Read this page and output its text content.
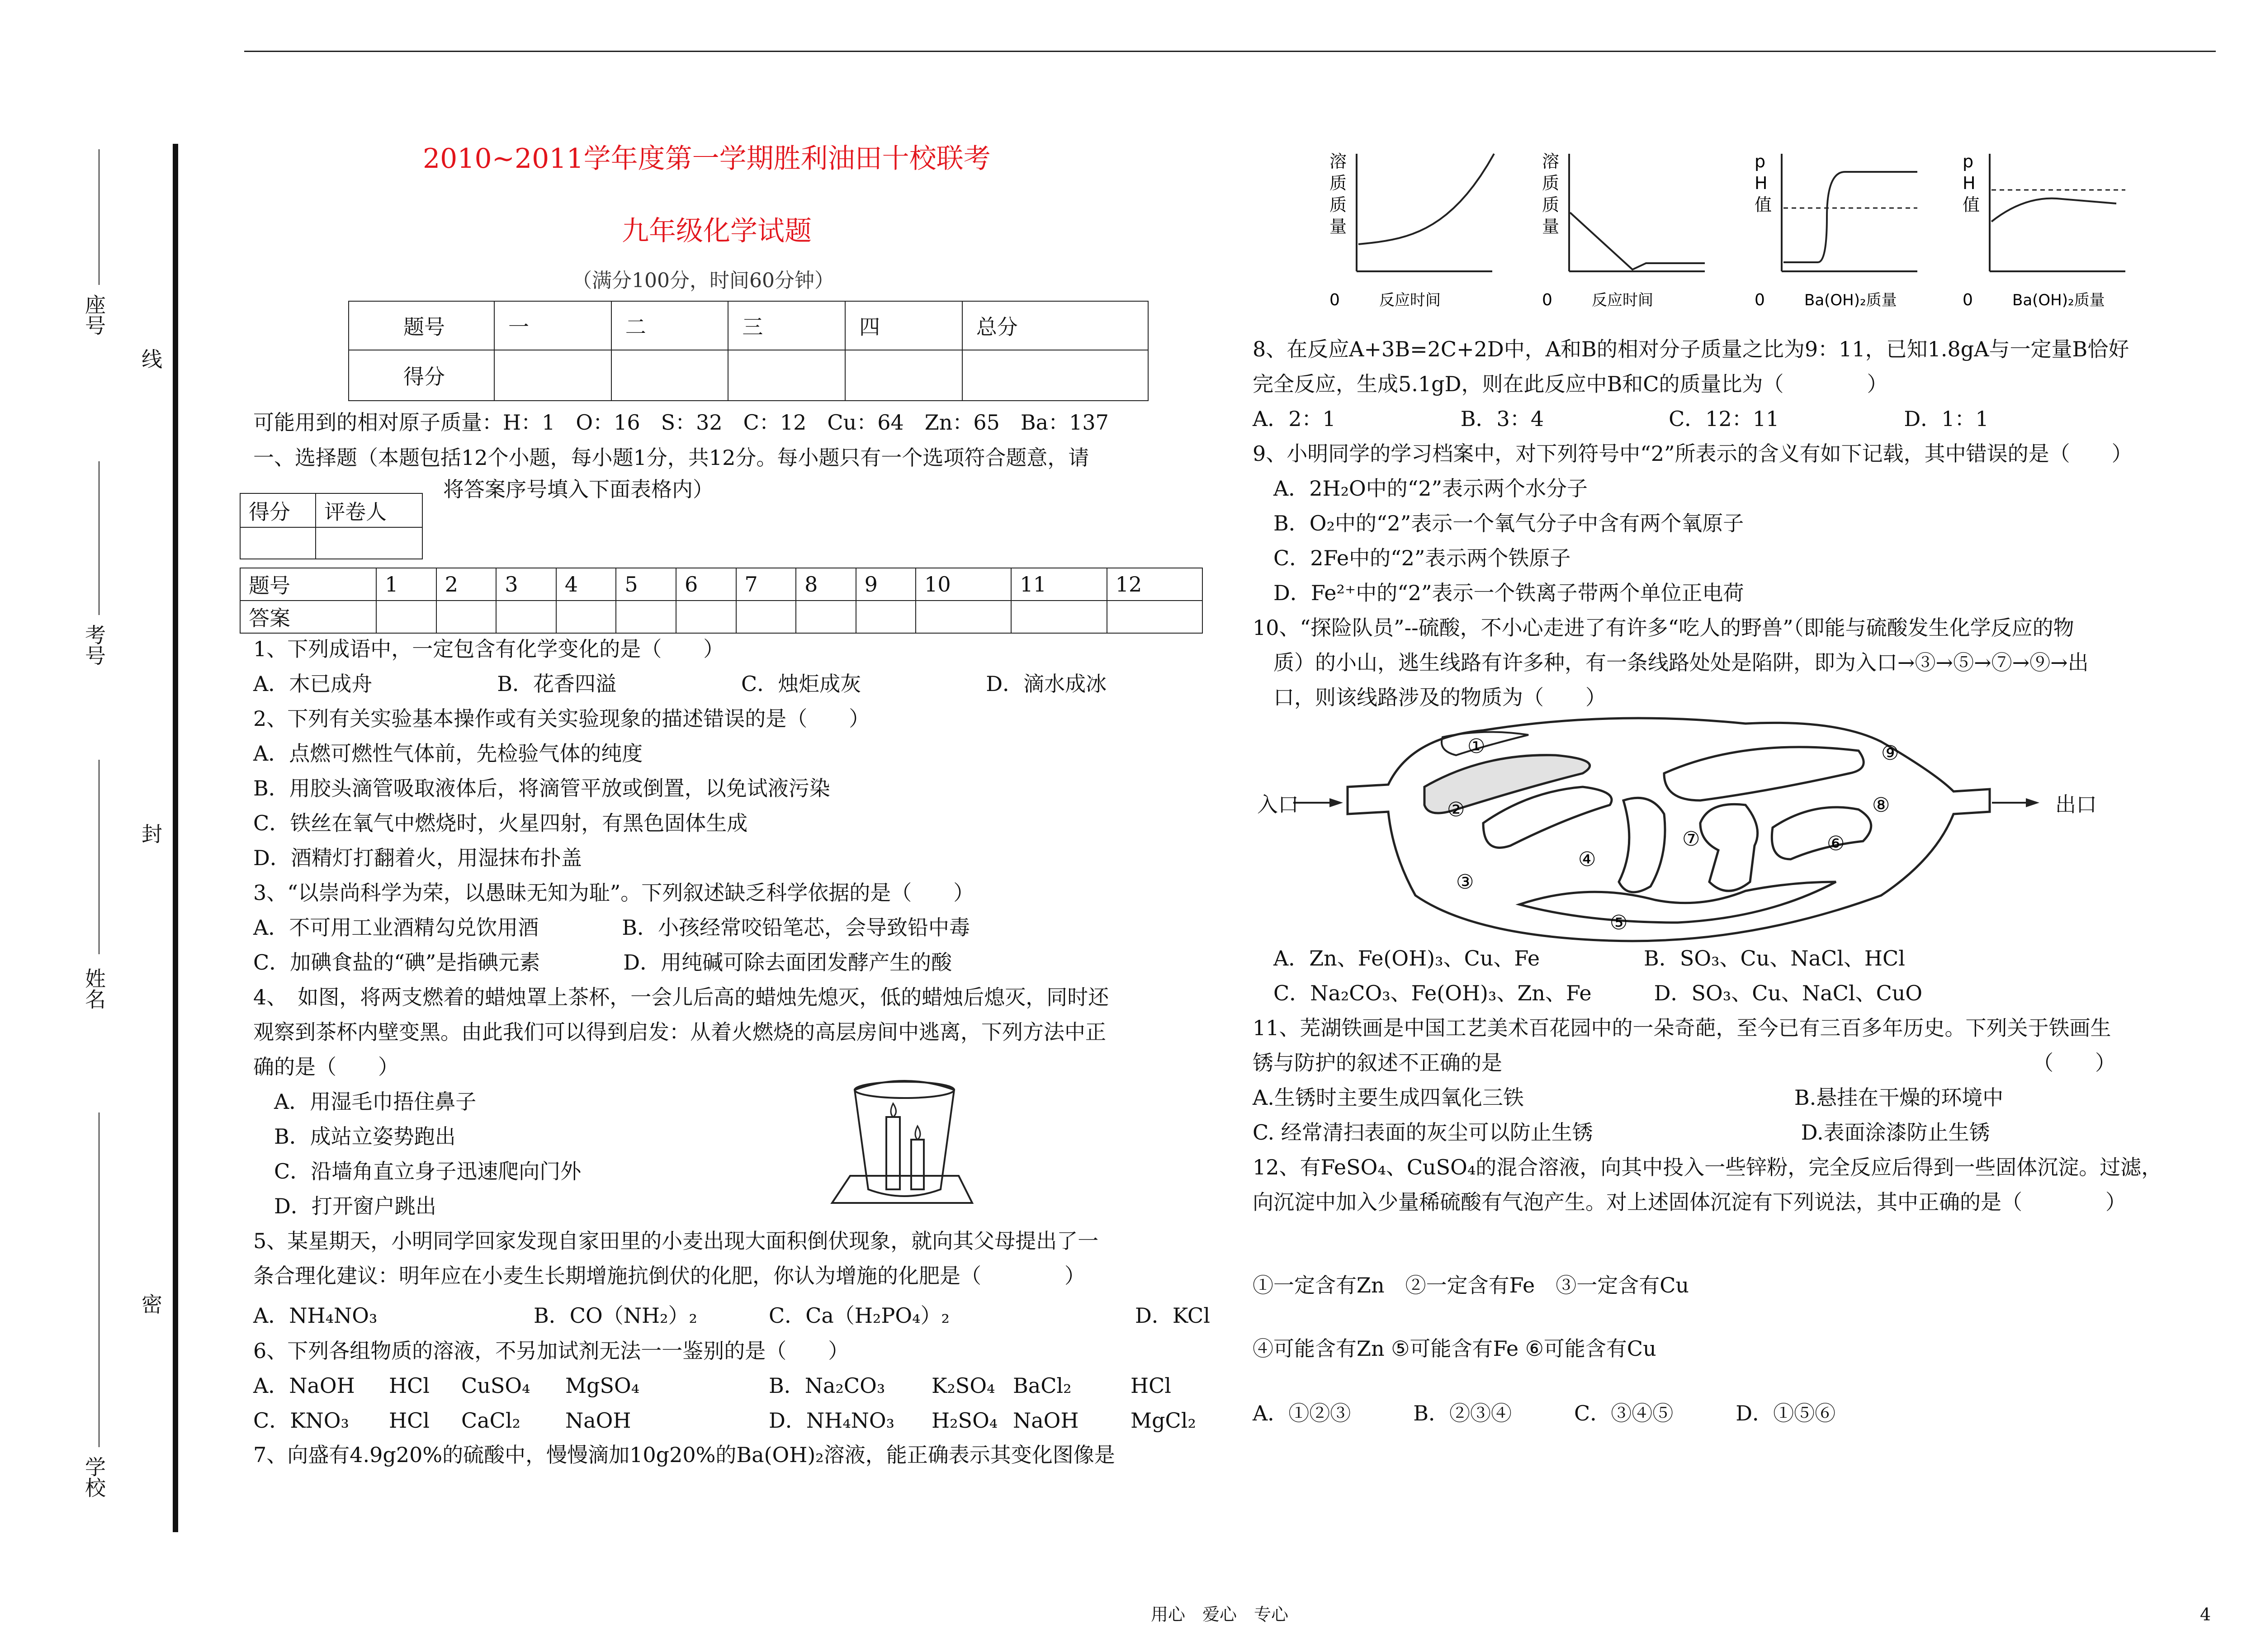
座号
考号
姓名
学校
线
封
密
2010~2011学年度第一学期胜利油田十校联考
九年级化学试题
（满分100分，时间60分钟）
题号	一	二	三	四	总分
得分					
可能用到的相对原子质量：H：1　O：16　S：32　C：12　Cu：64　Zn：65　Ba：137
一、选择题（本题包括12个小题，每小题1分，共12分。每小题只有一个选项符合题意，请
将答案序号填入下面表格内）
得分	评卷人

题号	1	2	3	4	5	6	7	8	9	10	11	12
答案												
1、下列成语中，一定包含有化学变化的是（　　）
A．木已成舟　　　　　　B．花香四溢　　　　　　C．烛炬成灰　　　　　　D．滴水成冰
2、下列有关实验基本操作或有关实验现象的描述错误的是（　　）
A．点燃可燃性气体前，先检验气体的纯度
B．用胶头滴管吸取液体后，将滴管平放或倒置，以免试液污染
C．铁丝在氧气中燃烧时，火星四射，有黑色固体生成
D．酒精灯打翻着火，用湿抹布扑盖
3、“以崇尚科学为荣，以愚昧无知为耻”。下列叙述缺乏科学依据的是（　　）
A．不可用工业酒精勾兑饮用酒　　　　B．小孩经常咬铅笔芯，会导致铅中毒
C．加碘食盐的“碘”是指碘元素　　　　D．用纯碱可除去面团发酵产生的酸
4、　如图，将两支燃着的蜡烛罩上茶杯，一会儿后高的蜡烛先熄灭，低的蜡烛后熄灭，同时还
观察到茶杯内壁变黑。由此我们可以得到启发：从着火燃烧的高层房间中逃离，下列方法中正
确的是（　　）
　A．用湿毛巾捂住鼻子
　B．成站立姿势跑出
　C．沿墙角直立身子迅速爬向门外
　D．打开窗户跳出
5、某星期天，小明同学回家发现自家田里的小麦出现大面积倒伏现象，就向其父母提出了一
条合理化建议：明年应在小麦生长期增施抗倒伏的化肥，你认为增施的化肥是（　　　　）
A．NH₄NO₃	B．CO（NH₂）₂	C．Ca（H₂PO₄）₂	D．KCl
6、下列各组物质的溶液，不另加试剂无法一一鉴别的是（　　）
A．NaOH HCl CuSO₄ MgSO₄	B．Na₂CO₃ K₂SO₄ BaCl₂	HCl
C．KNO₃ HCl CaCl₂ NaOH	D．NH₄NO₃ H₂SO₄ NaOH MgCl₂
7、向盛有4.9g20%的硫酸中，慢慢滴加10g20%的Ba(OH)₂溶液，能正确表示其变化图像是
溶
质
质
量
反应时间
0
溶
质
质
量
反应时间
0
p
H
值
Ba(OH)₂质量
0
p
H
值
Ba(OH)₂质量
0
8、在反应A+3B=2C+2D中，A和B的相对分子质量之比为9：11，已知1.8gA与一定量B恰好
完全反应，生成5.1gD，则在此反应中B和C的质量比为（　　　　）
A．2：1　　　　　　B．3：4　　　　　　C．12：11　　　　　　D．1：1
9、小明同学的学习档案中，对下列符号中“2”所表示的含义有如下记载，其中错误的是（　　）
　A．2H₂O中的“2”表示两个水分子
　B．O₂中的“2”表示一个氧气分子中含有两个氧原子
　C．2Fe中的“2”表示两个铁原子
　D．Fe²⁺中的“2”表示一个铁离子带两个单位正电荷
10、“探险队员”--硫酸，不小心走进了有许多“吃人的野兽”（即能与硫酸发生化学反应的物
　质）的小山，逃生线路有许多种，有一条线路处处是陷阱，即为入口→③→⑤→⑦→⑨→出
　口，则该线路涉及的物质为（　　）
①
②
③
④
⑤
⑥
⑦
⑧
⑨
入口	出口
　A．Zn、Fe(OH)₃、Cu、Fe　　　　　B．SO₃、Cu、NaCl、HCl
　C．Na₂CO₃、Fe(OH)₃、Zn、Fe　　　D．SO₃、Cu、NaCl、CuO
11、芜湖铁画是中国工艺美术百花园中的一朵奇葩，至今已有三百多年历史。下列关于铁画生
锈与防护的叙述不正确的是　　　　　　　　　　　　　　　　　　　　　　　　　　（　　）
A.生锈时主要生成四氧化三铁　　　　　　　　　　　　　B.悬挂在干燥的环境中
C. 经常清扫表面的灰尘可以防止生锈　　　　　　　　　　D.表面涂漆防止生锈
12、有FeSO₄、CuSO₄的混合溶液，向其中投入一些锌粉，完全反应后得到一些固体沉淀。过滤，
向沉淀中加入少量稀硫酸有气泡产生。对上述固体沉淀有下列说法，其中正确的是（　　　　）
①一定含有Zn　②一定含有Fe　③一定含有Cu
④可能含有Zn ⑤可能含有Fe ⑥可能含有Cu
A．①②③　　　B．②③④　　　C．③④⑤　　　D．①⑤⑥
用心　爱心　专心	4
